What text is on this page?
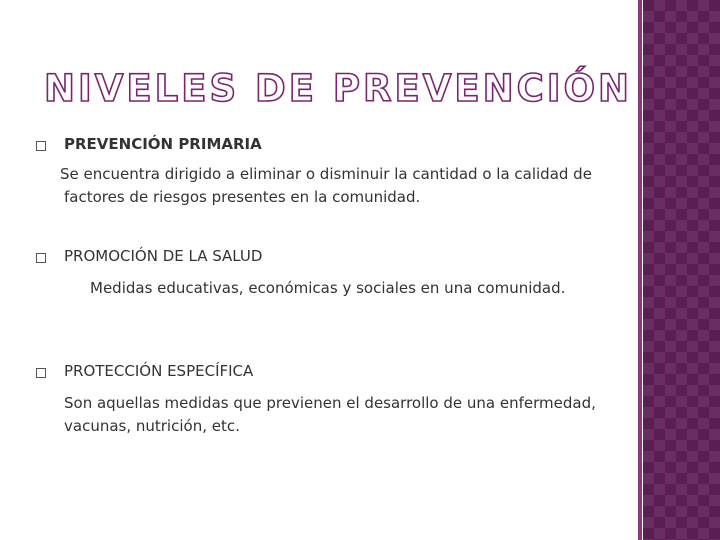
NIVELES DE PREVENCIÓN
PREVENCIÓN PRIMARIA
Se encuentra dirigido a eliminar o disminuir la cantidad o la calidad de factores de riesgos presentes en la comunidad.
PROMOCIÓN DE LA SALUD
Medidas educativas, económicas y sociales en una comunidad.
PROTECCIÓN ESPECÍFICA
Son aquellas medidas que previenen el desarrollo de una enfermedad, vacunas, nutrición, etc.
